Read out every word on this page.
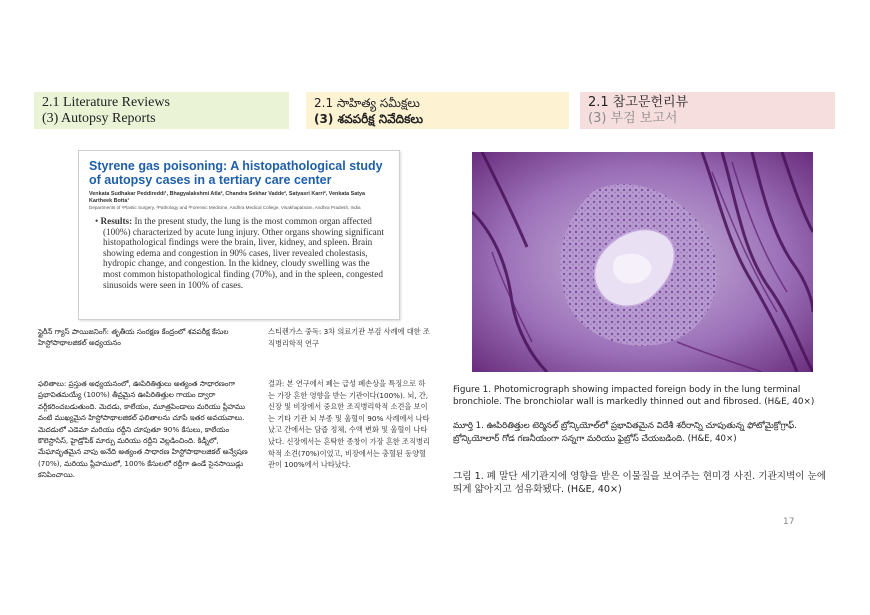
2.1 Literature Reviews
(3) Autopsy Reports
2.1 సాహిత్య సమీక్షలు
(3) శవపరీక్ష నివేదికలు
2.1 참고문헌리뷰
(3) 부검 보고서
Styrene gas poisoning: A histopathological study of autopsy cases in a tertiary care center
Venkata Sudhakar Peddireddi¹, Bhagyalakshmi Atla², Chandra Sekhar Vadde², Satyasri Karri², Venkata Satya Kartheek Botta¹
Departments of ¹Plastic Surgery, ²Pathology and ³Forensic Medicine, Andhra Medical College, Visakhapatnam, Andhra Pradesh, India
• Results: In the present study, the lung is the most common organ affected (100%) characterized by acute lung injury. Other organs showing significant histopathological findings were the brain, liver, kidney, and spleen. Brain showing edema and congestion in 90% cases, liver revealed cholestasis, hydropic change, and congestion. In the kidney, cloudy swelling was the most common histopathological finding (70%), and in the spleen, congested sinusoids were seen in 100% of cases.
స్టైరీన్ గ్యాస్ పాయిజనింగ్: తృతీయ సంరక్షణ కేంద్రంలో శవపరీక్ష కేసుల హిస్టోపాథాలజికల్ అధ్యయనం
ఫలితాలు: ప్రస్తుత అధ్యయనంలో, ఊపిరితిత్తులు అత్యంత సాధారణంగా ప్రభావితమయ్యే (100%) తీవ్రమైన ఊపిరితిత్తుల గాయం ద్వారా వర్గీకరించబడుతుంది. మెదడు, కాలేయం, మూత్రపిండాలు మరియు ప్లీహము వంటి ముఖ్యమైన హిస్టోపాథాలజికల్ ఫలితాలను చూపే ఇతర అవయవాలు. మెదడులో ఎడెమా మరియు రద్దీని చూపుతూ 90% కేసులు, కాలేయం కొలెస్టాసిస్, హైడ్రోపిక్ మార్పు మరియు రద్దీని వెల్లడించింది. కిడ్నీలో, మేఘావృతమైన వాపు అనేది అత్యంత సాధారణ హిస్టోపాథాలజికల్ అన్వేషణ (70%), మరియు ప్లీహములో, 100% కేసులలో రద్దీగా ఉండే సైనసాయిడ్లు కనిపించాయి.
스티렌가스 중독: 3차 의료기관 부검 사례에 대한 조직병리학적 연구
결과: 본 연구에서 폐는 급성 폐손상을 특징으로 하는 가장 흔한 영향을 받는 기관이다(100%). 뇌, 간, 신장 및 비장에서 중요한 조직병리학적 소견을 보이는 기타 기관 뇌 부종 및 울혈이 90% 사례에서 나타났고 간에서는 담즙 정체, 수액 변화 및 울혈이 나타났다. 신장에서는 흔탁한 종창이 가장 흔한 조직병리학적 소견(70%)이었고, 비장에서는 충혈된 동양혈관이 100%에서 나타났다.
Figure 1. Photomicrograph showing impacted foreign body in the lung terminal bronchiole. The bronchiolar wall is markedly thinned out and fibrosed. (H&E, 40×)
మూర్తి 1. ఊపిరితిత్తుల టెర్మినల్ బ్రోన్కియోల్‌లో ప్రభావితమైన విదేశీ శరీరాన్ని చూపుతున్న ఫోటోమైక్రోగ్రాఫ్. బ్రోన్కియోలార్ గోడ గణనీయంగా సన్నగా మరియు ఫైబ్రోస్ చేయబడింది. (H&E, 40×)
그림 1. 폐 말단 세기관지에 영향을 받은 이물질을 보여주는 현미경 사진. 기관지벽이 눈에 띄게 얇아지고 섬유화됐다. (H&E, 40×)
17
